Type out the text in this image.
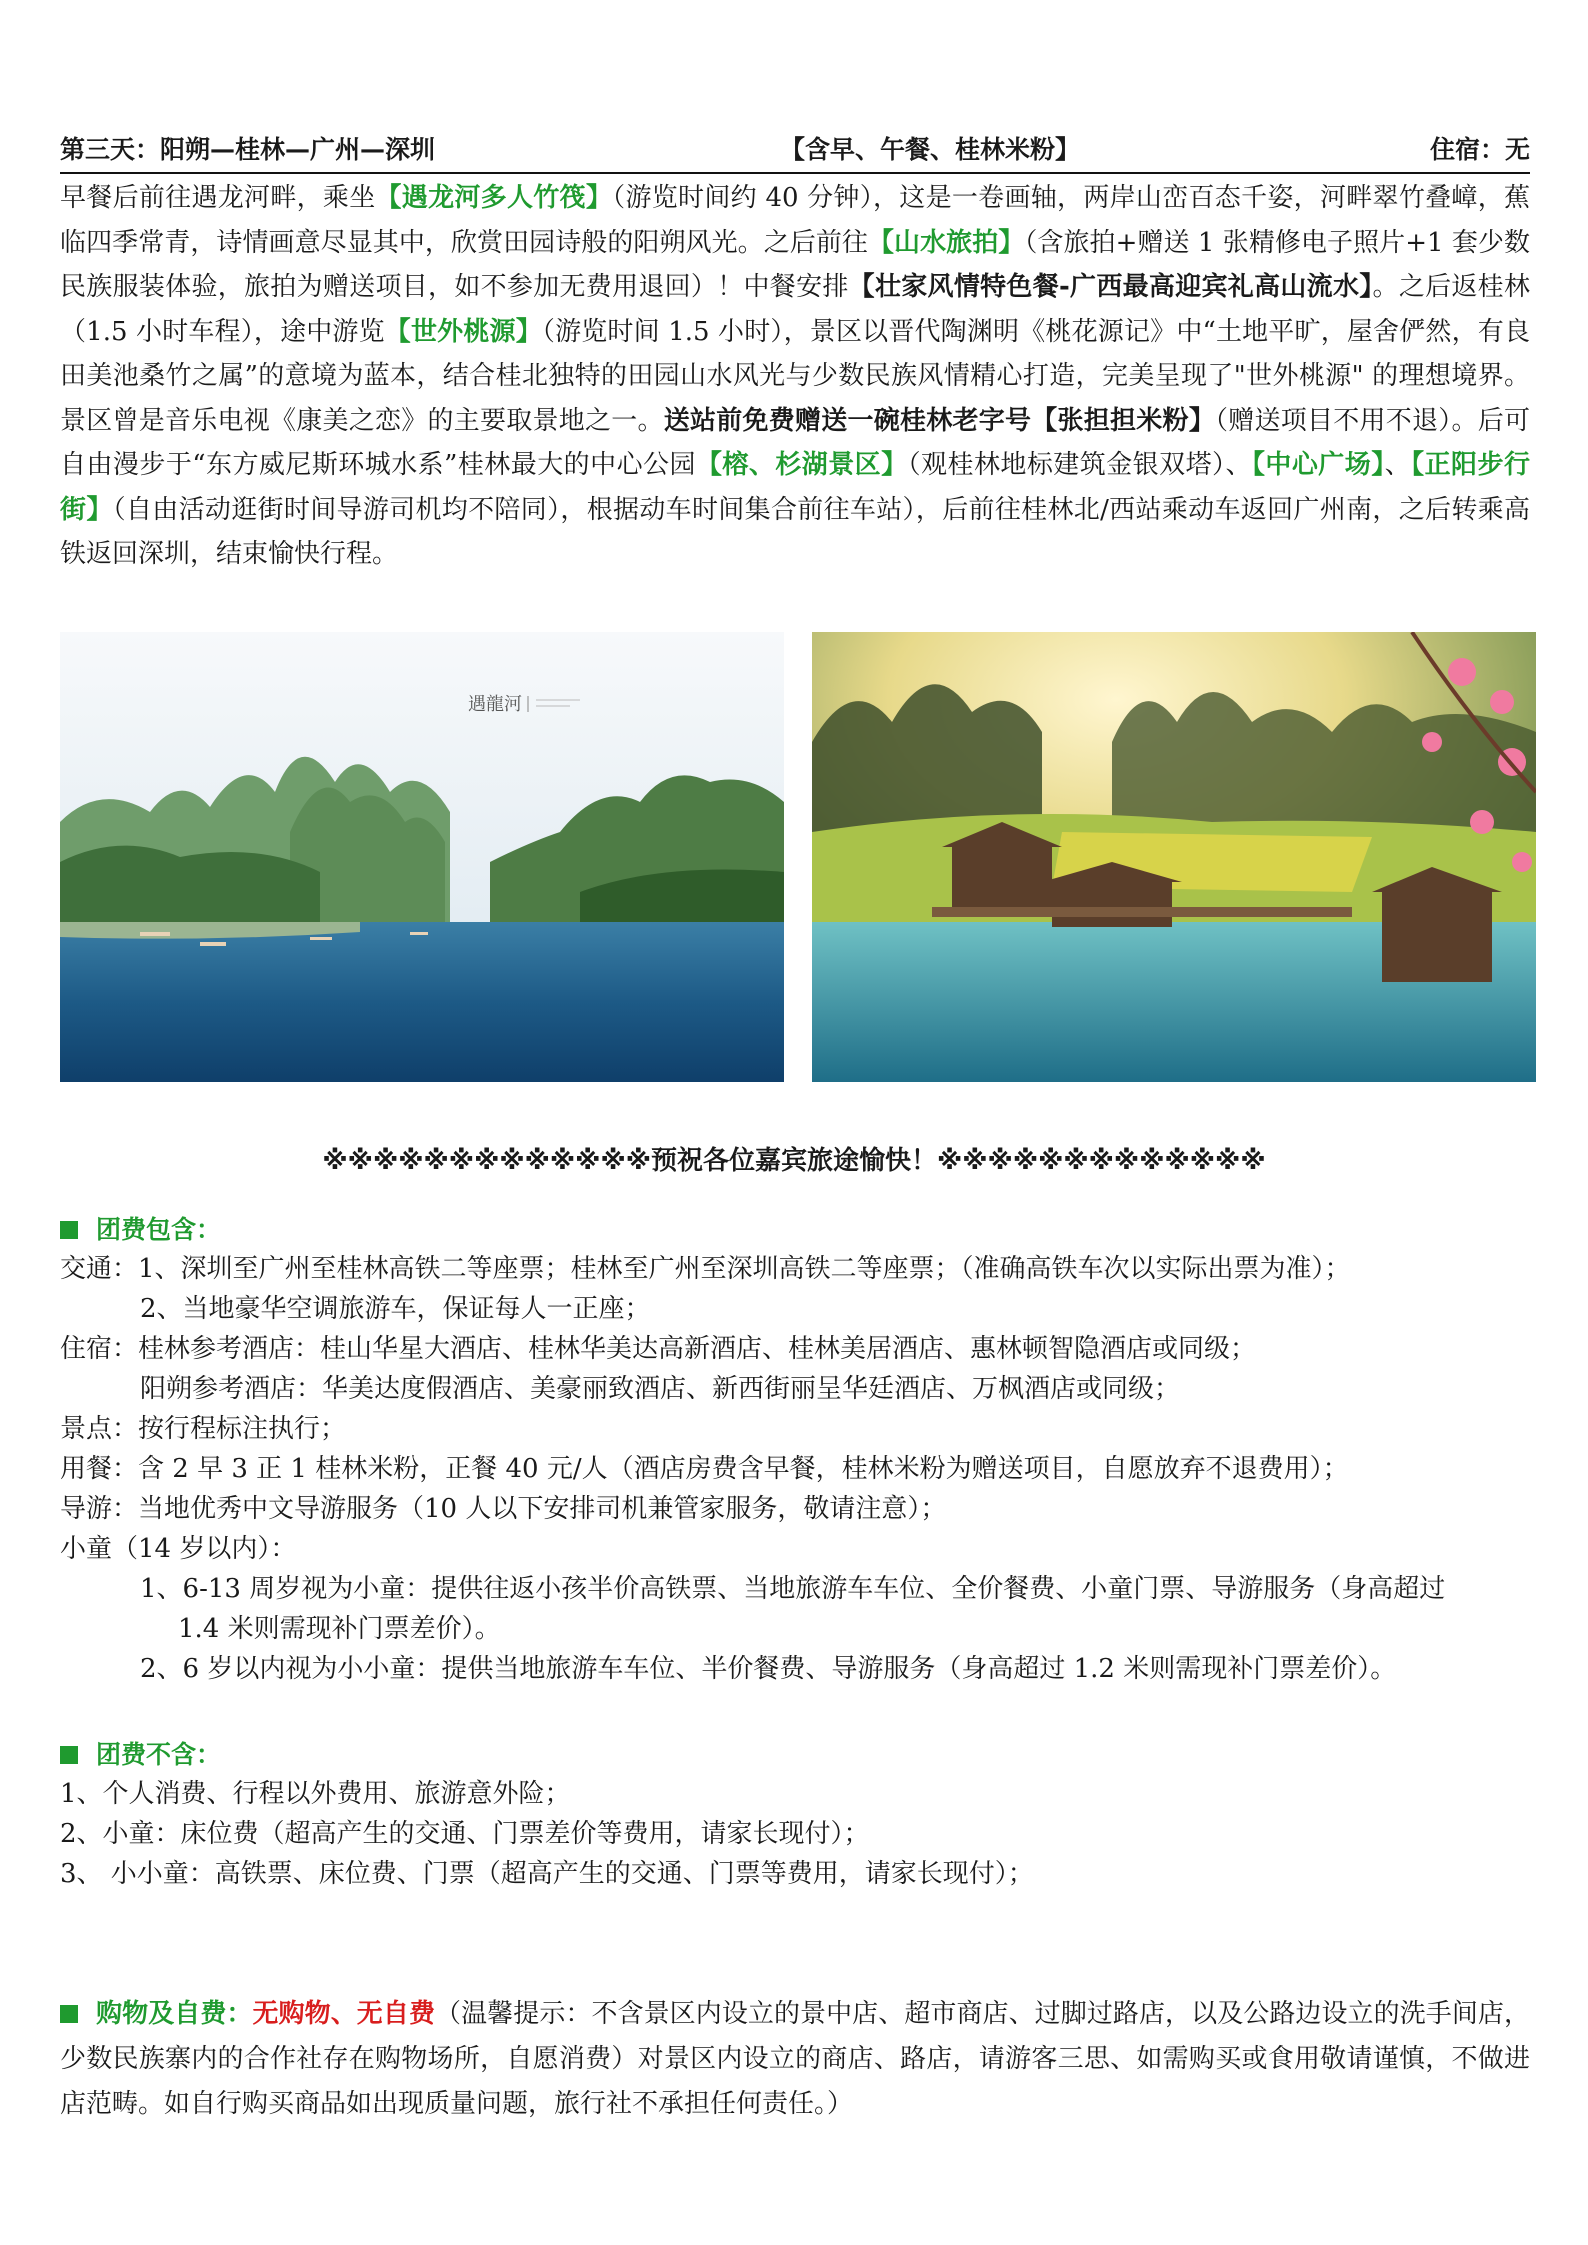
第三天：阳朔—桂林—广州—深圳	【含早、午餐、桂林米粉】	住宿：无

早餐后前往遇龙河畔，乘坐【遇龙河多人竹筏】（游览时间约 40 分钟），这是一卷画轴，两岸山峦百态千姿，河畔翠竹叠嶂，蕉临四季常青，诗情画意尽显其中，欣赏田园诗般的阳朔风光。之后前往【山水旅拍】（含旅拍+赠送 1 张精修电子照片+1 套少数民族服装体验，旅拍为赠送项目，如不参加无费用退回）！中餐安排【壮家风情特色餐-广西最高迎宾礼高山流水】。之后返桂林（1.5 小时车程），途中游览【世外桃源】（游览时间 1.5 小时），景区以晋代陶渊明《桃花源记》中“土地平旷，屋舍俨然，有良田美池桑竹之属”的意境为蓝本，结合桂北独特的田园山水风光与少数民族风情精心打造，完美呈现了"世外桃源" 的理想境界。景区曾是音乐电视《康美之恋》的主要取景地之一。送站前免费赠送一碗桂林老字号【张担担米粉】（赠送项目不用不退）。后可自由漫步于“东方威尼斯环城水系”桂林最大的中心公园【榕、杉湖景区】（观桂林地标建筑金银双塔）、【中心广场】、【正阳步行街】（自由活动逛街时间导游司机均不陪同），根据动车时间集合前往车站），后前往桂林北/西站乘动车返回广州南，之后转乘高铁返回深圳，结束愉快行程。

遇龍河
※※※※※※※※※※※※※预祝各位嘉宾旅途愉快！※※※※※※※※※※※※※
团费包含：
交通：1、深圳至广州至桂林高铁二等座票；桂林至广州至深圳高铁二等座票；（准确高铁车次以实际出票为准）；
2、当地豪华空调旅游车，保证每人一正座；
住宿：桂林参考酒店：桂山华星大酒店、桂林华美达高新酒店、桂林美居酒店、惠林顿智隐酒店或同级；
阳朔参考酒店：华美达度假酒店、美豪丽致酒店、新西街丽呈华廷酒店、万枫酒店或同级；
景点：按行程标注执行；
用餐：含 2 早 3 正 1 桂林米粉，正餐 40 元/人（酒店房费含早餐，桂林米粉为赠送项目，自愿放弃不退费用）；
导游：当地优秀中文导游服务（10 人以下安排司机兼管家服务，敬请注意）；
小童（14 岁以内）：
1、6-13 周岁视为小童：提供往返小孩半价高铁票、当地旅游车车位、全价餐费、小童门票、导游服务（身高超过
1.4 米则需现补门票差价）。
2、6 岁以内视为小小童：提供当地旅游车车位、半价餐费、导游服务（身高超过 1.2 米则需现补门票差价）。
团费不含：
1、个人消费、行程以外费用、旅游意外险；
2、小童：床位费（超高产生的交通、门票差价等费用，请家长现付）；
3、 小小童：高铁票、床位费、门票（超高产生的交通、门票等费用，请家长现付）；

购物及自费：无购物、无自费（温馨提示：不含景区内设立的景中店、超市商店、过脚过路店，以及公路边设立的洗手间店，少数民族寨内的合作社存在购物场所，自愿消费）对景区内设立的商店、路店，请游客三思、如需购买或食用敬请谨慎，不做进店范畴。如自行购买商品如出现质量问题，旅行社不承担任何责任。）
